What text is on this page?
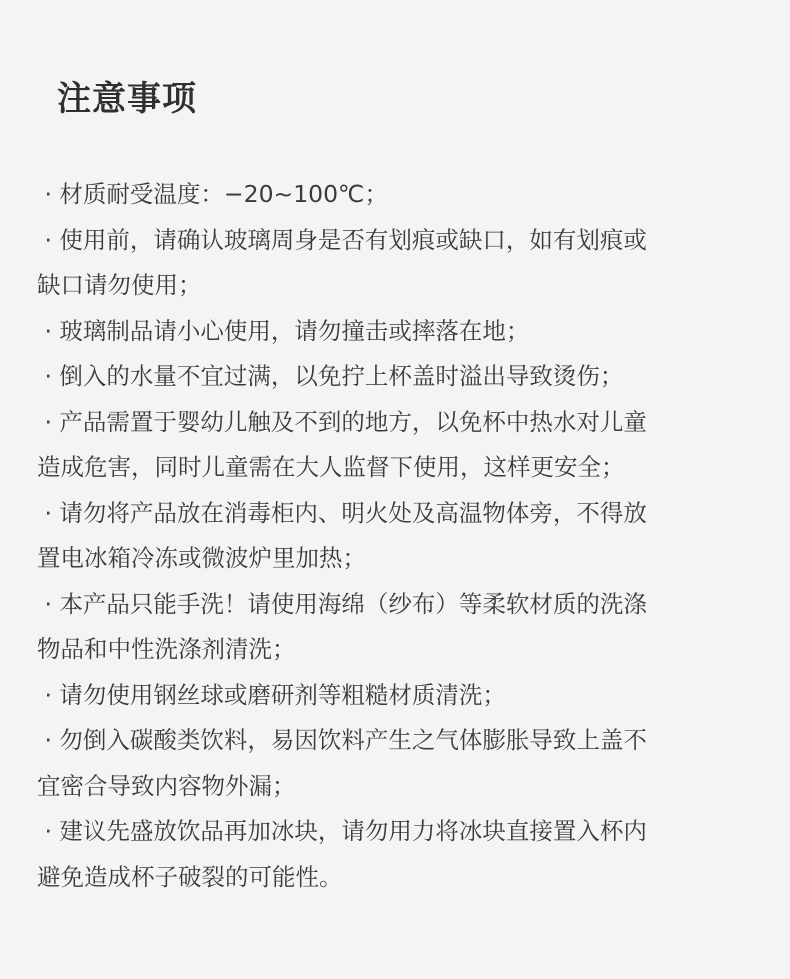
注意事项
· 材质耐受温度：−20~100℃；
· 使用前，请确认玻璃周身是否有划痕或缺口，如有划痕或
缺口请勿使用；
· 玻璃制品请小心使用，请勿撞击或摔落在地；
· 倒入的水量不宜过满，以免拧上杯盖时溢出导致烫伤；
· 产品需置于婴幼儿触及不到的地方，以免杯中热水对儿童
造成危害，同时儿童需在大人监督下使用，这样更安全；
· 请勿将产品放在消毒柜内、明火处及高温物体旁，不得放
置电冰箱冷冻或微波炉里加热；
· 本产品只能手洗！请使用海绵（纱布）等柔软材质的洗涤
物品和中性洗涤剂清洗；
· 请勿使用钢丝球或磨研剂等粗糙材质清洗；
· 勿倒入碳酸类饮料，易因饮料产生之气体膨胀导致上盖不
宜密合导致内容物外漏；
· 建议先盛放饮品再加冰块，请勿用力将冰块直接置入杯内
避免造成杯子破裂的可能性。
